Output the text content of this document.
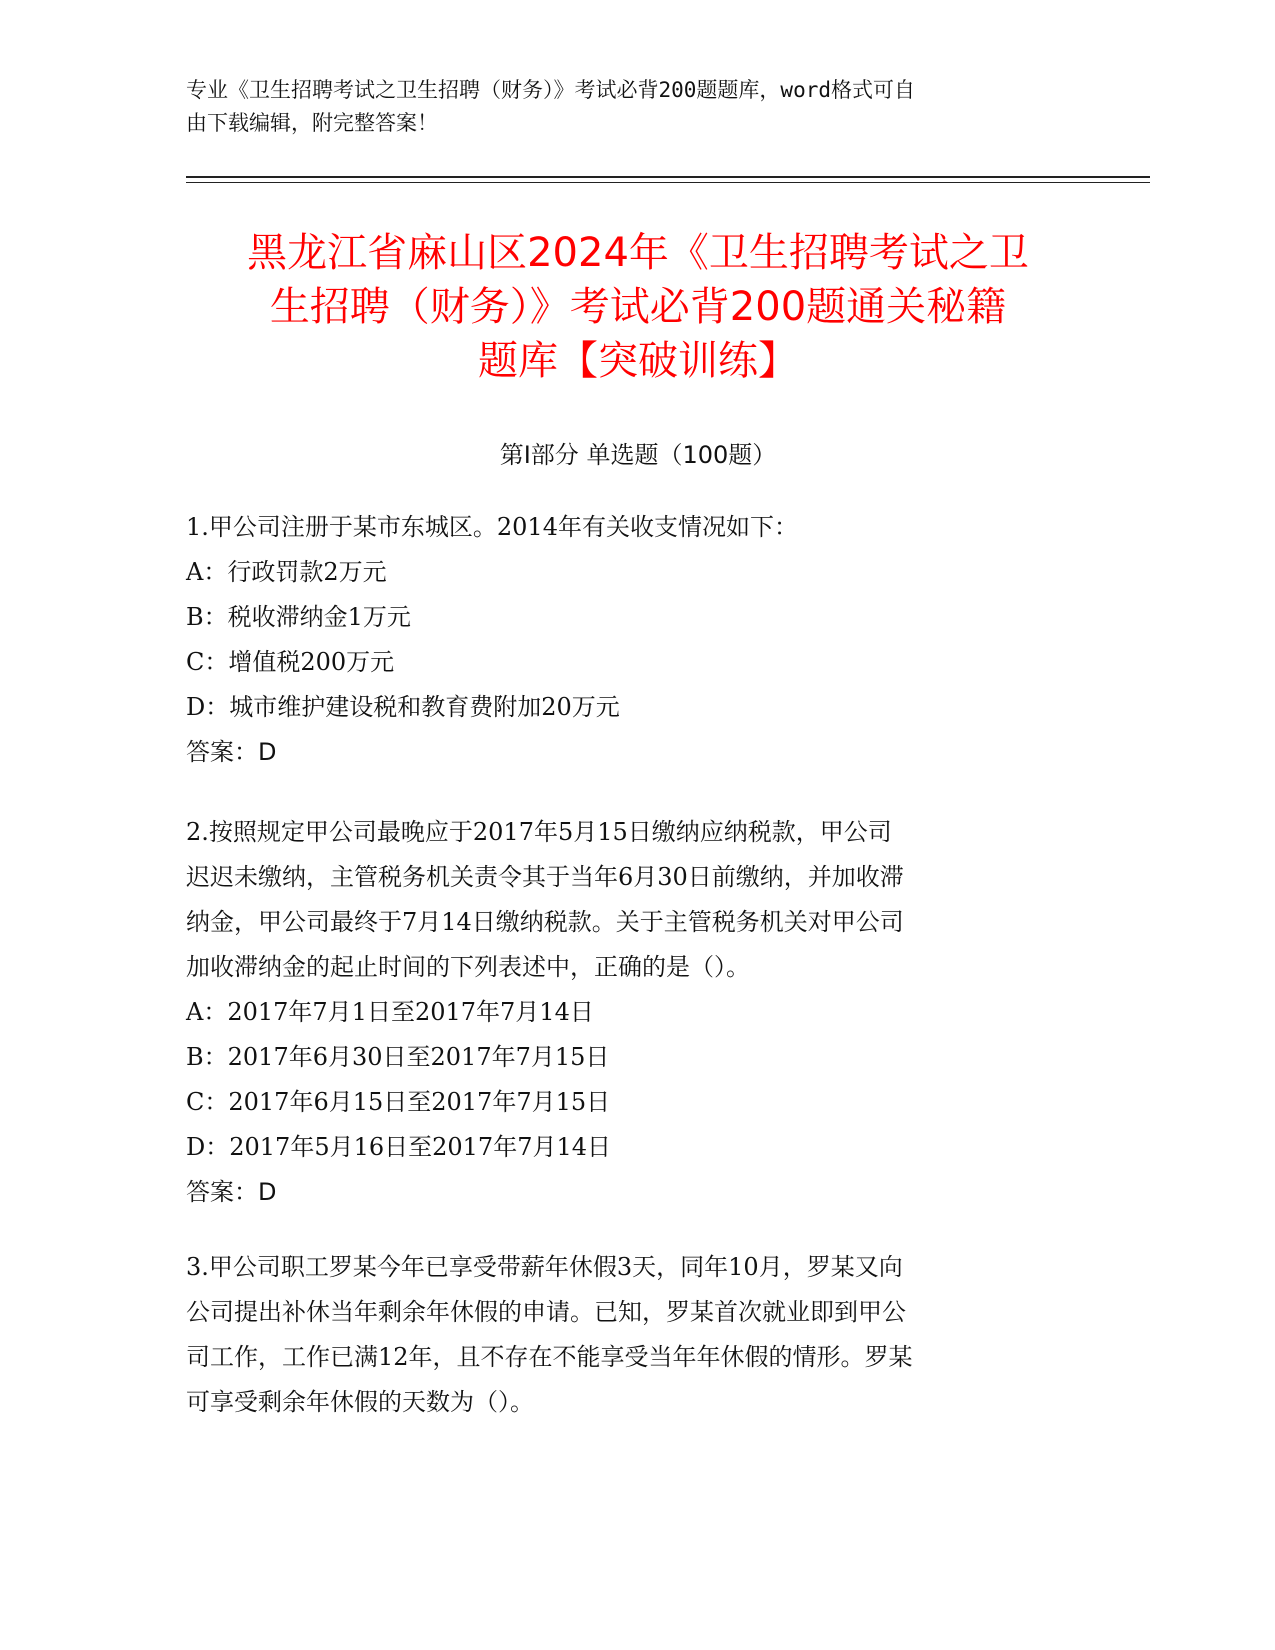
专业《卫生招聘考试之卫生招聘（财务）》考试必背200题题库，word格式可自
由下载编辑，附完整答案！
黑龙江省麻山区2024年《卫生招聘考试之卫
生招聘（财务）》考试必背200题通关秘籍
题库【突破训练】
第Ⅰ部分 单选题（100题）
1.甲公司注册于某市东城区。2014年有关收支情况如下：
A：行政罚款2万元
B：税收滞纳金1万元
C：增值税200万元
D：城市维护建设税和教育费附加20万元
答案：D
2.按照规定甲公司最晚应于2017年5月15日缴纳应纳税款，甲公司
迟迟未缴纳，主管税务机关责令其于当年6月30日前缴纳，并加收滞
纳金，甲公司最终于7月14日缴纳税款。关于主管税务机关对甲公司
加收滞纳金的起止时间的下列表述中，正确的是（）。
A：2017年7月1日至2017年7月14日
B：2017年6月30日至2017年7月15日
C：2017年6月15日至2017年7月15日
D：2017年5月16日至2017年7月14日
答案：D
3.甲公司职工罗某今年已享受带薪年休假3天，同年10月，罗某又向
公司提出补休当年剩余年休假的申请。已知，罗某首次就业即到甲公
司工作，工作已满12年，且不存在不能享受当年年休假的情形。罗某
可享受剩余年休假的天数为（）。
